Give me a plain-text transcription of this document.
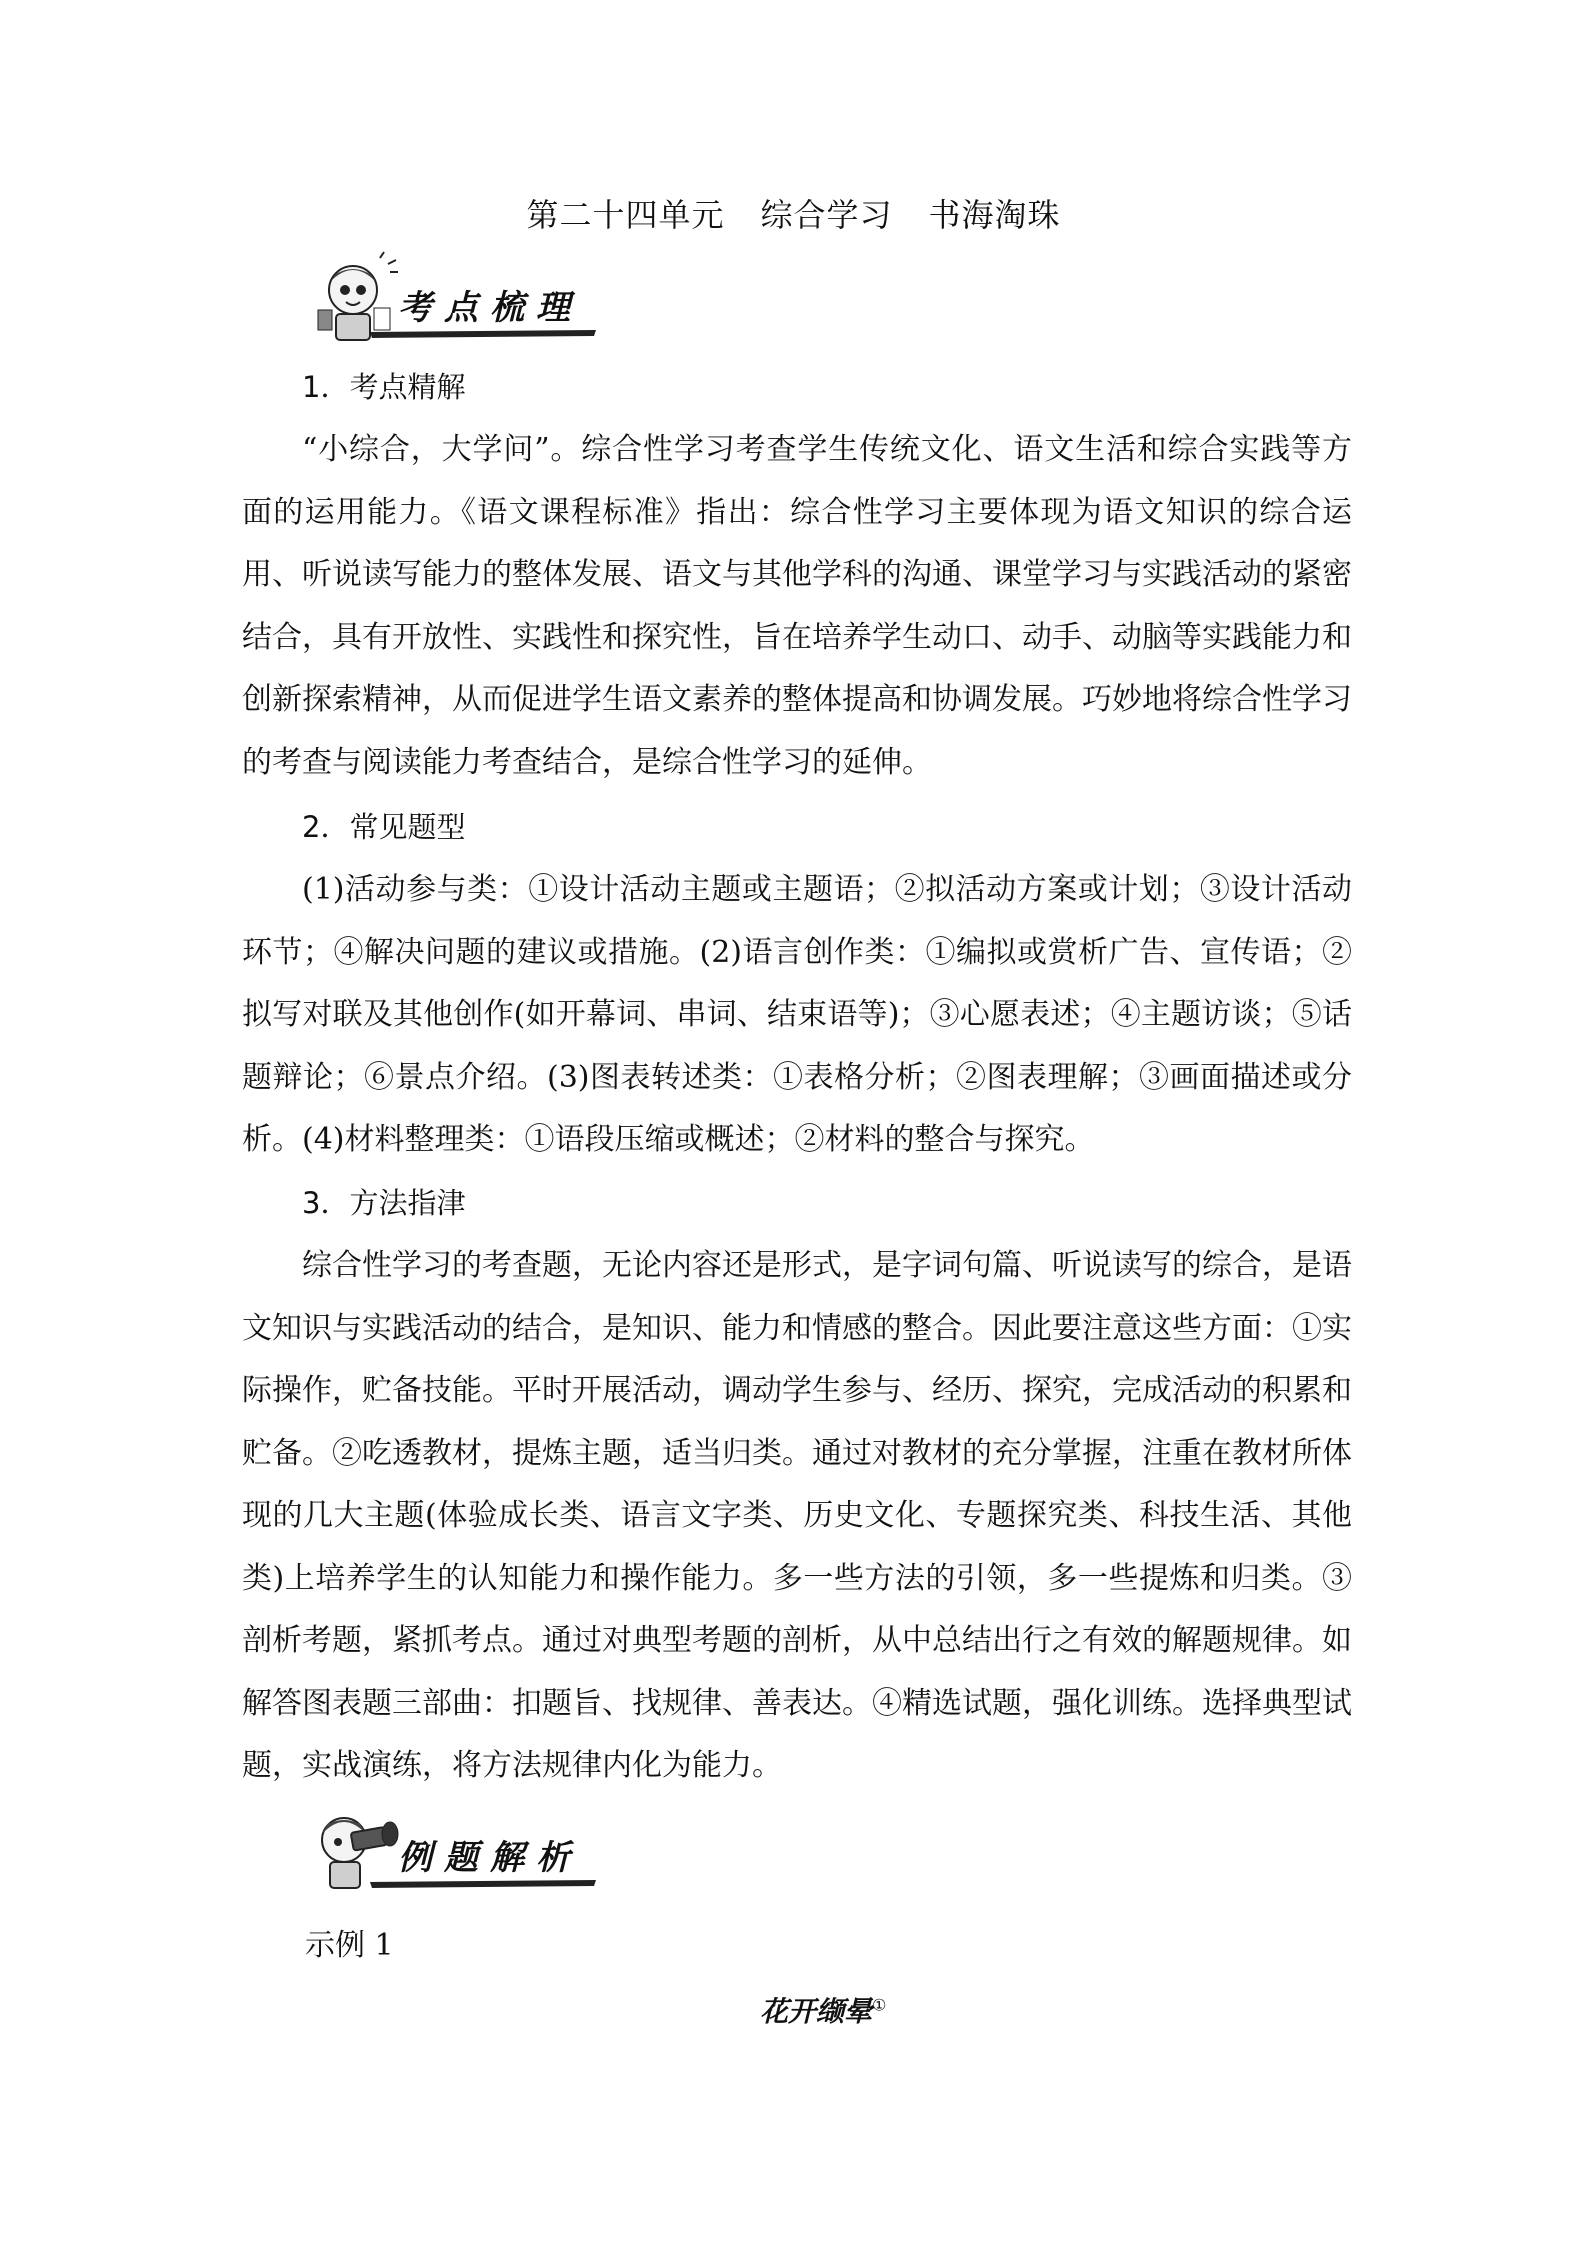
第二十四单元 综合学习 书海淘珠
考点梳理

1．考点精解

“小综合，大学问”。综合性学习考查学生传统文化、语文生活和综合实践等方面的运用能力。《语文课程标准》指出：综合性学习主要体现为语文知识的综合运用、听说读写能力的整体发展、语文与其他学科的沟通、课堂学习与实践活动的紧密结合，具有开放性、实践性和探究性，旨在培养学生动口、动手、动脑等实践能力和创新探索精神，从而促进学生语文素养的整体提高和协调发展。巧妙地将综合性学习的考查与阅读能力考查结合，是综合性学习的延伸。

2．常见题型

(1)活动参与类：①设计活动主题或主题语；②拟活动方案或计划；③设计活动环节；④解决问题的建议或措施。(2)语言创作类：①编拟或赏析广告、宣传语；②拟写对联及其他创作(如开幕词、串词、结束语等)；③心愿表述；④主题访谈；⑤话题辩论；⑥景点介绍。(3)图表转述类：①表格分析；②图表理解；③画面描述或分析。(4)材料整理类：①语段压缩或概述；②材料的整合与探究。

3．方法指津

综合性学习的考查题，无论内容还是形式，是字词句篇、听说读写的综合，是语文知识与实践活动的结合，是知识、能力和情感的整合。因此要注意这些方面：①实际操作，贮备技能。平时开展活动，调动学生参与、经历、探究，完成活动的积累和贮备。②吃透教材，提炼主题，适当归类。通过对教材的充分掌握，注重在教材所体现的几大主题(体验成长类、语言文字类、历史文化、专题探究类、科技生活、其他类)上培养学生的认知能力和操作能力。多一些方法的引领，多一些提炼和归类。③剖析考题，紧抓考点。通过对典型考题的剖析，从中总结出行之有效的解题规律。如解答图表题三部曲：扣题旨、找规律、善表达。④精选试题，强化训练。选择典型试题，实战演练，将方法规律内化为能力。

例题解析
示例 1
花开缬晕①
